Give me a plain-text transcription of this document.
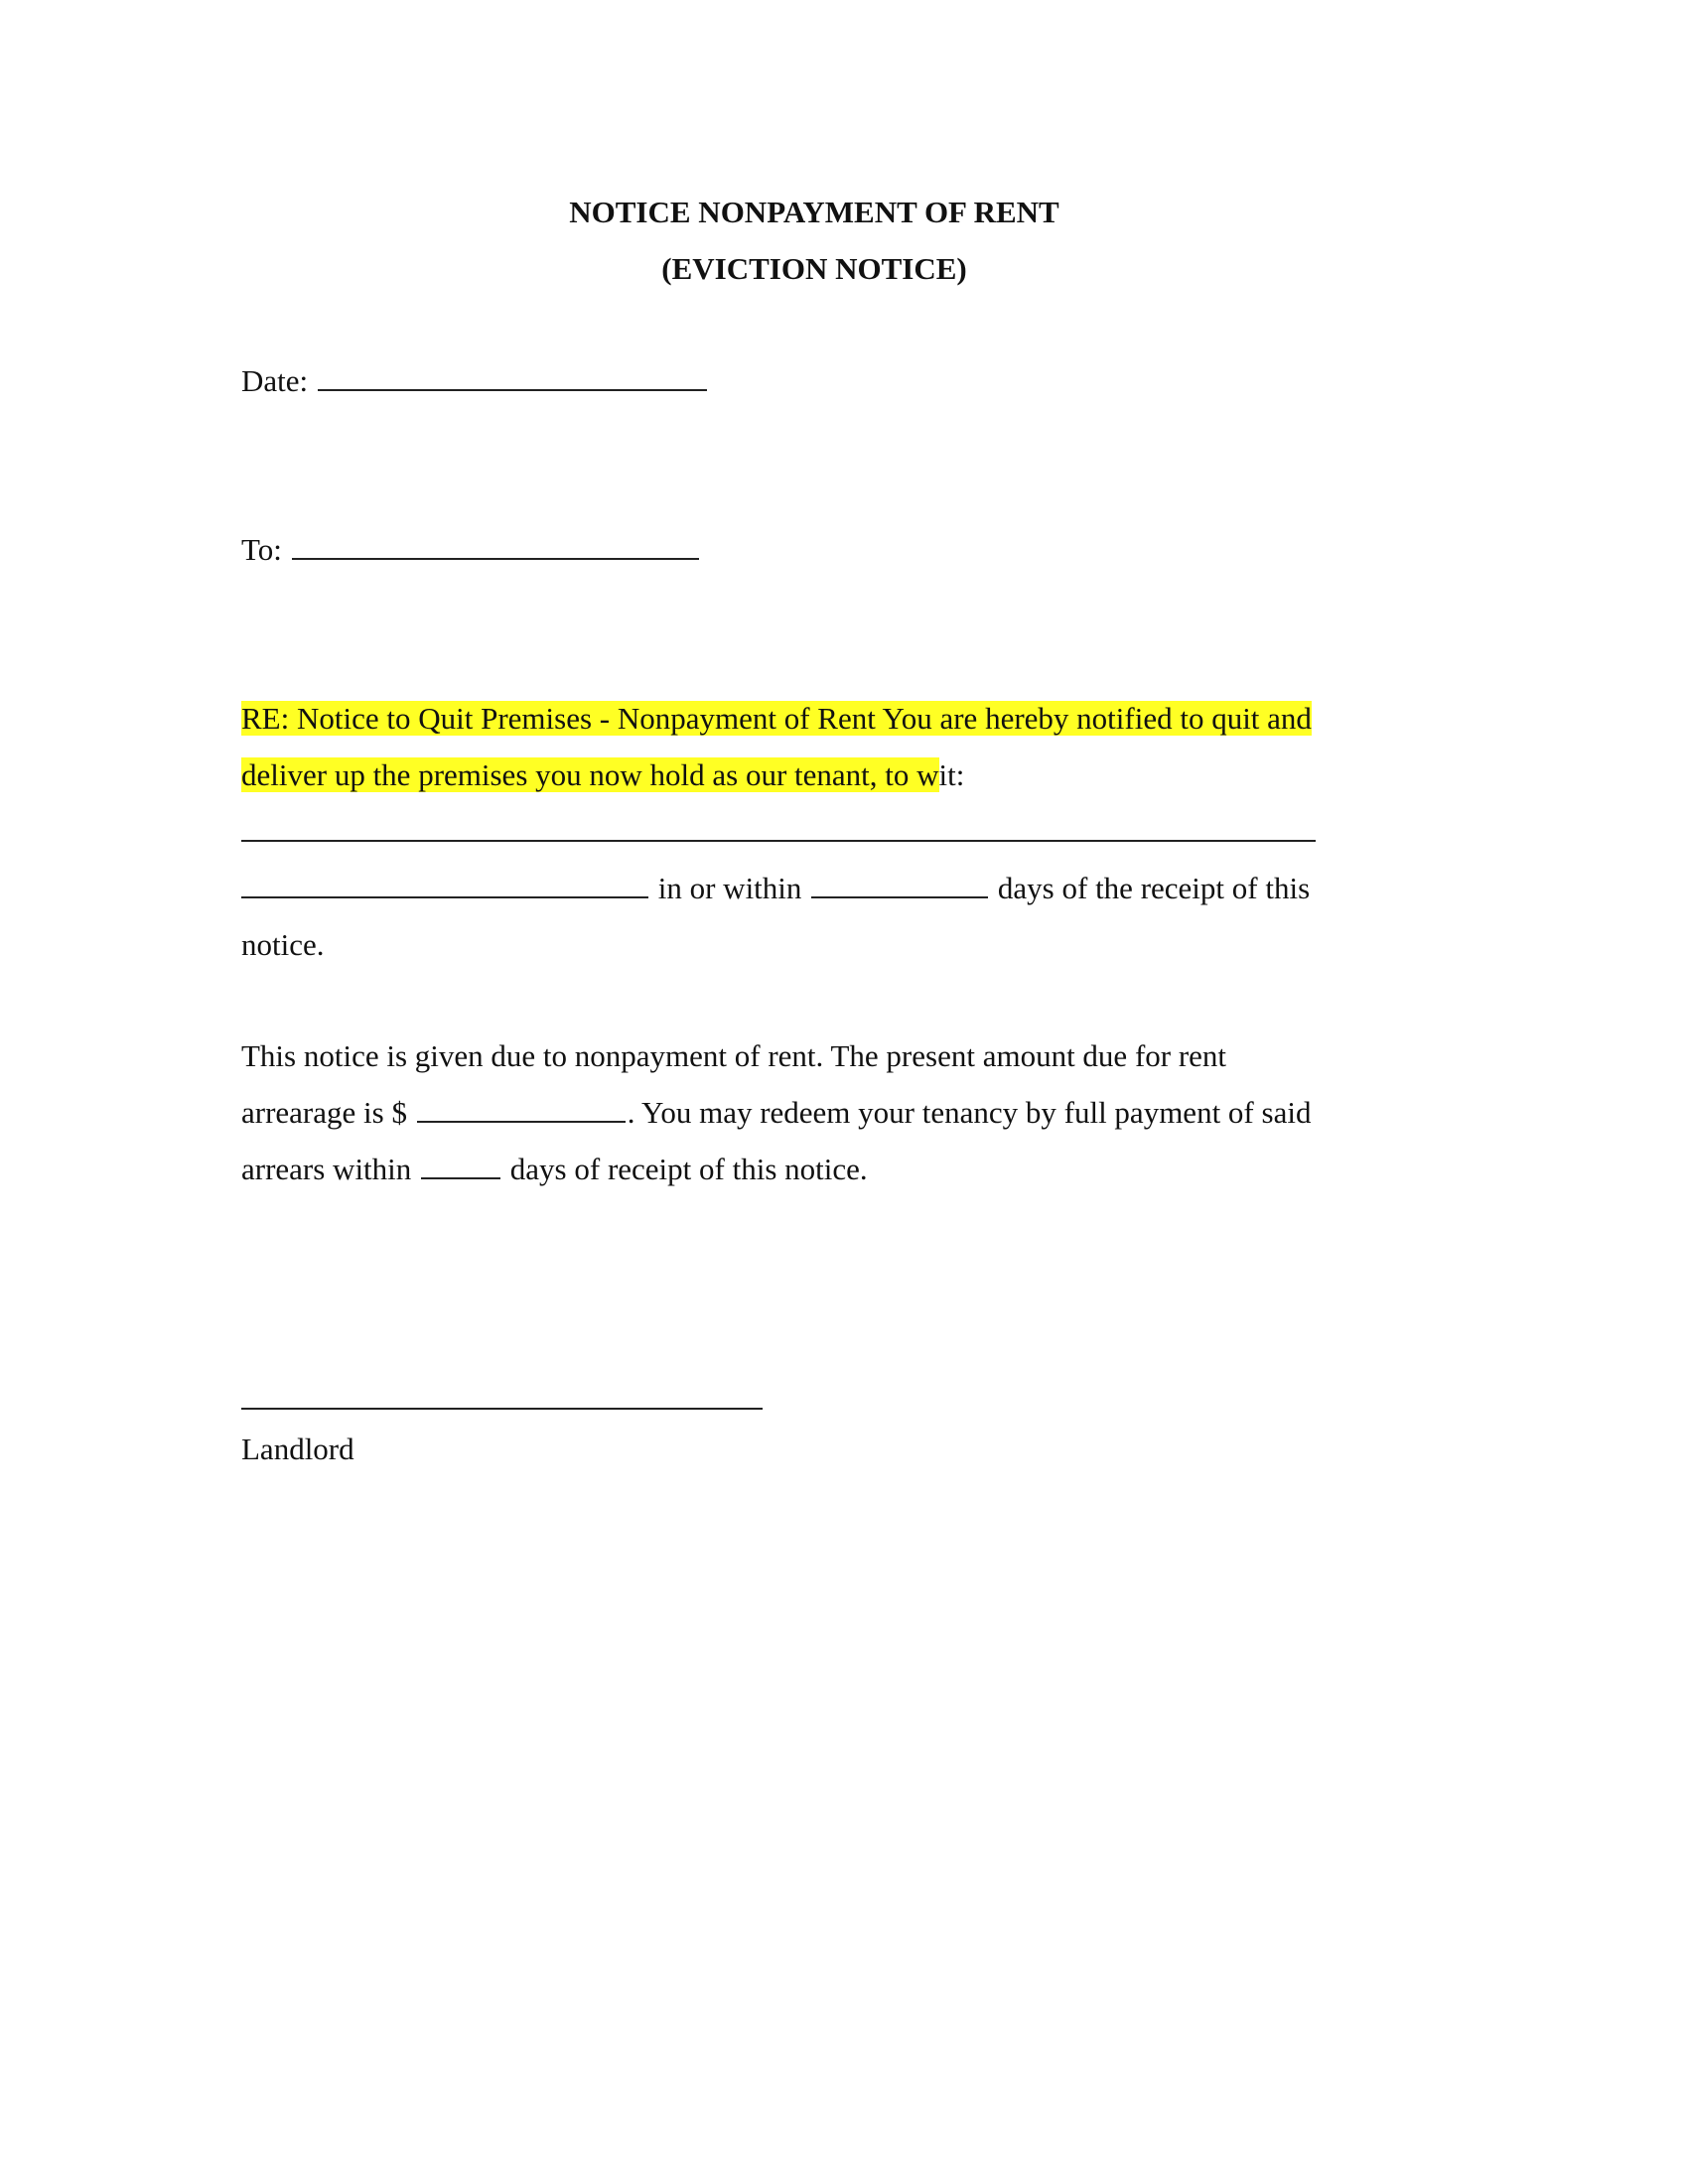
NOTICE NONPAYMENT OF RENT
(EVICTION NOTICE)
Date:
To:
RE: Notice to Quit Premises - Nonpayment of Rent You are hereby notified to quit and
deliver up the premises you now hold as our tenant, to wit:
in or within	days of the receipt of this
notice.
This notice is given due to nonpayment of rent. The present amount due for rent
arrearage is $	. You may redeem your tenancy by full payment of said
arrears within	days of receipt of this notice.
Landlord
